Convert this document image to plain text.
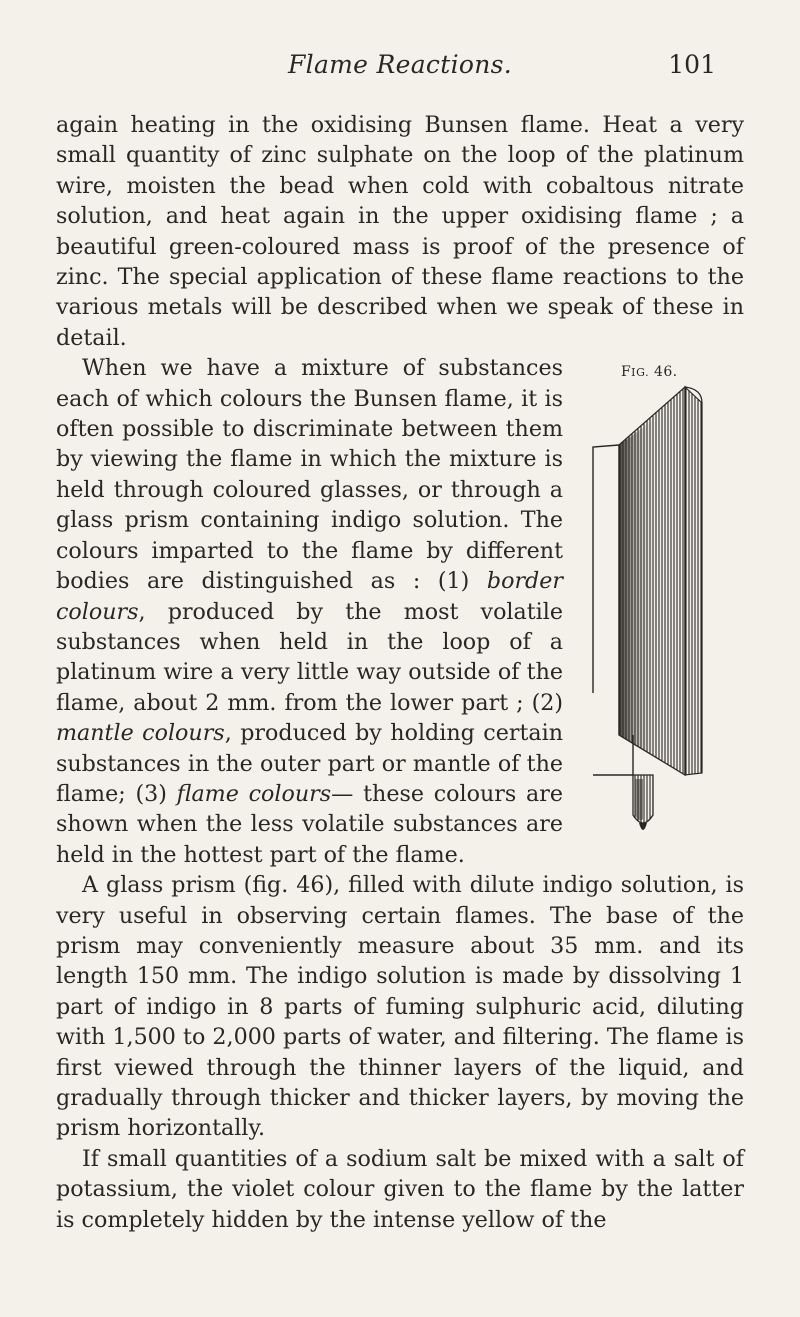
Flame Reactions.	101

again heating in the oxidising Bunsen flame. Heat a very small quantity of zinc sulphate on the loop of the platinum wire, moisten the bead when cold with cobaltous nitrate solution, and heat again in the upper oxidising flame ; a beautiful green-coloured mass is proof of the presence of zinc. The special application of these flame reactions to the various metals will be described when we speak of these in detail.

FIG. 46.
When we have a mixture of substances each of which colours the Bunsen flame, it is often possible to discriminate between them by viewing the flame in which the mixture is held through coloured glasses, or through a glass prism containing indigo solution. The colours imparted to the flame by different bodies are distinguished as : (1) border colours, produced by the most volatile substances when held in the loop of a platinum wire a very little way outside of the flame, about 2 mm. from the lower part ; (2) mantle colours, produced by holding certain substances in the outer part or mantle of the flame; (3) flame colours— these colours are shown when the less volatile substances are held in the hottest part of the flame.

A glass prism (fig. 46), filled with dilute indigo solution, is very useful in observing certain flames. The base of the prism may conveniently measure about 35 mm. and its length 150 mm. The indigo solution is made by dissolving 1 part of indigo in 8 parts of fuming sulphuric acid, diluting with 1,500 to 2,000 parts of water, and filtering. The flame is first viewed through the thinner layers of the liquid, and gradually through thicker and thicker layers, by moving the prism horizontally.

If small quantities of a sodium salt be mixed with a salt of potassium, the violet colour given to the flame by the latter is completely hidden by the intense yellow of the
